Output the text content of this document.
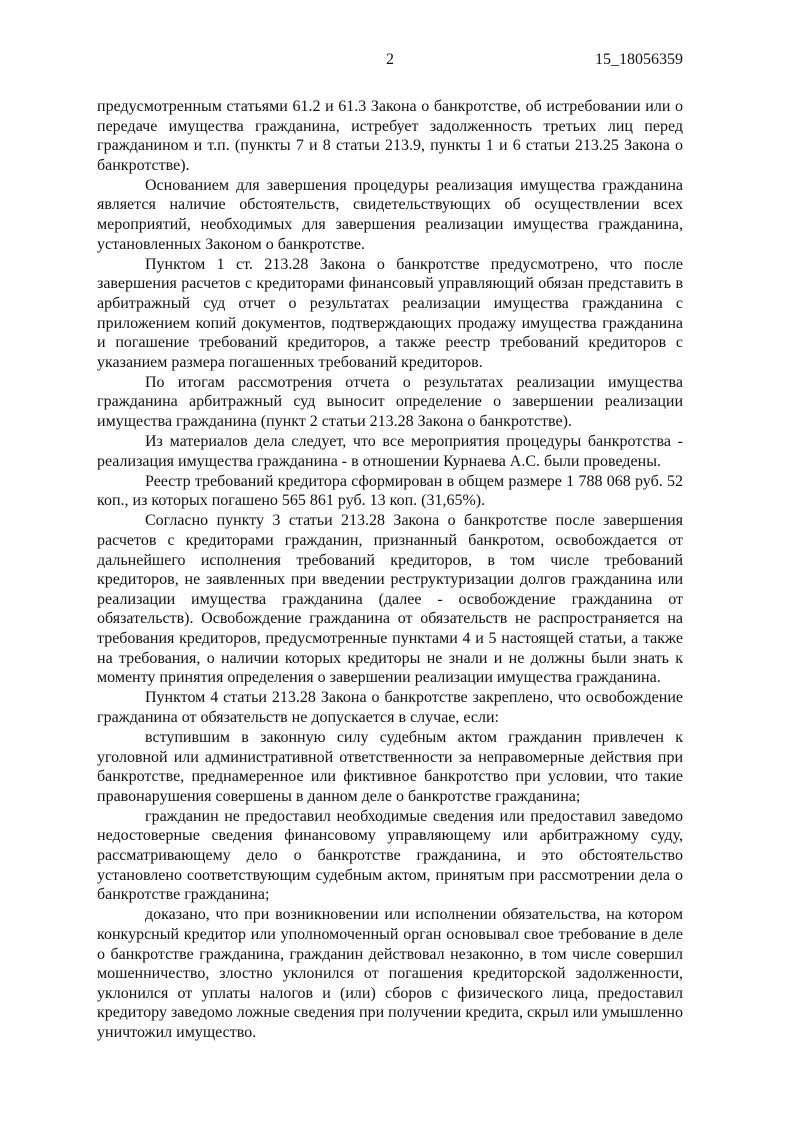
2	15_18056359

предусмотренным статьями 61.2 и 61.3 Закона о банкротстве, об истребовании или о передаче имущества гражданина, истребует задолженность третьих лиц перед гражданином и т.п. (пункты 7 и 8 статьи 213.9, пункты 1 и 6 статьи 213.25 Закона о банкротстве).

Основанием для завершения процедуры реализация имущества гражданина является наличие обстоятельств, свидетельствующих об осуществлении всех мероприятий, необходимых для завершения реализации имущества гражданина, установленных Законом о банкротстве.

Пунктом 1 ст. 213.28 Закона о банкротстве предусмотрено, что после завершения расчетов с кредиторами финансовый управляющий обязан представить в арбитражный суд отчет о результатах реализации имущества гражданина с приложением копий документов, подтверждающих продажу имущества гражданина и погашение требований кредиторов, а также реестр требований кредиторов с указанием размера погашенных требований кредиторов.

По итогам рассмотрения отчета о результатах реализации имущества гражданина арбитражный суд выносит определение о завершении реализации имущества гражданина (пункт 2 статьи 213.28 Закона о банкротстве).

Из материалов дела следует, что все мероприятия процедуры банкротства - реализация имущества гражданина - в отношении Курнаева А.С. были проведены.

Реестр требований кредитора сформирован в общем размере 1 788 068 руб. 52 коп., из которых погашено 565 861 руб. 13 коп. (31,65%).

Согласно пункту 3 статьи 213.28 Закона о банкротстве после завершения расчетов с кредиторами гражданин, признанный банкротом, освобождается от дальнейшего исполнения требований кредиторов, в том числе требований кредиторов, не заявленных при введении реструктуризации долгов гражданина или реализации имущества гражданина (далее - освобождение гражданина от обязательств). Освобождение гражданина от обязательств не распространяется на требования кредиторов, предусмотренные пунктами 4 и 5 настоящей статьи, а также на требования, о наличии которых кредиторы не знали и не должны были знать к моменту принятия определения о завершении реализации имущества гражданина.

Пунктом 4 статьи 213.28 Закона о банкротстве закреплено, что освобождение гражданина от обязательств не допускается в случае, если:

вступившим в законную силу судебным актом гражданин привлечен к уголовной или административной ответственности за неправомерные действия при банкротстве, преднамеренное или фиктивное банкротство при условии, что такие правонарушения совершены в данном деле о банкротстве гражданина;

гражданин не предоставил необходимые сведения или предоставил заведомо недостоверные сведения финансовому управляющему или арбитражному суду, рассматривающему дело о банкротстве гражданина, и это обстоятельство установлено соответствующим судебным актом, принятым при рассмотрении дела о банкротстве гражданина;

доказано, что при возникновении или исполнении обязательства, на котором конкурсный кредитор или уполномоченный орган основывал свое требование в деле о банкротстве гражданина, гражданин действовал незаконно, в том числе совершил мошенничество, злостно уклонился от погашения кредиторской задолженности, уклонился от уплаты налогов и (или) сборов с физического лица, предоставил кредитору заведомо ложные сведения при получении кредита, скрыл или умышленно уничтожил имущество.
